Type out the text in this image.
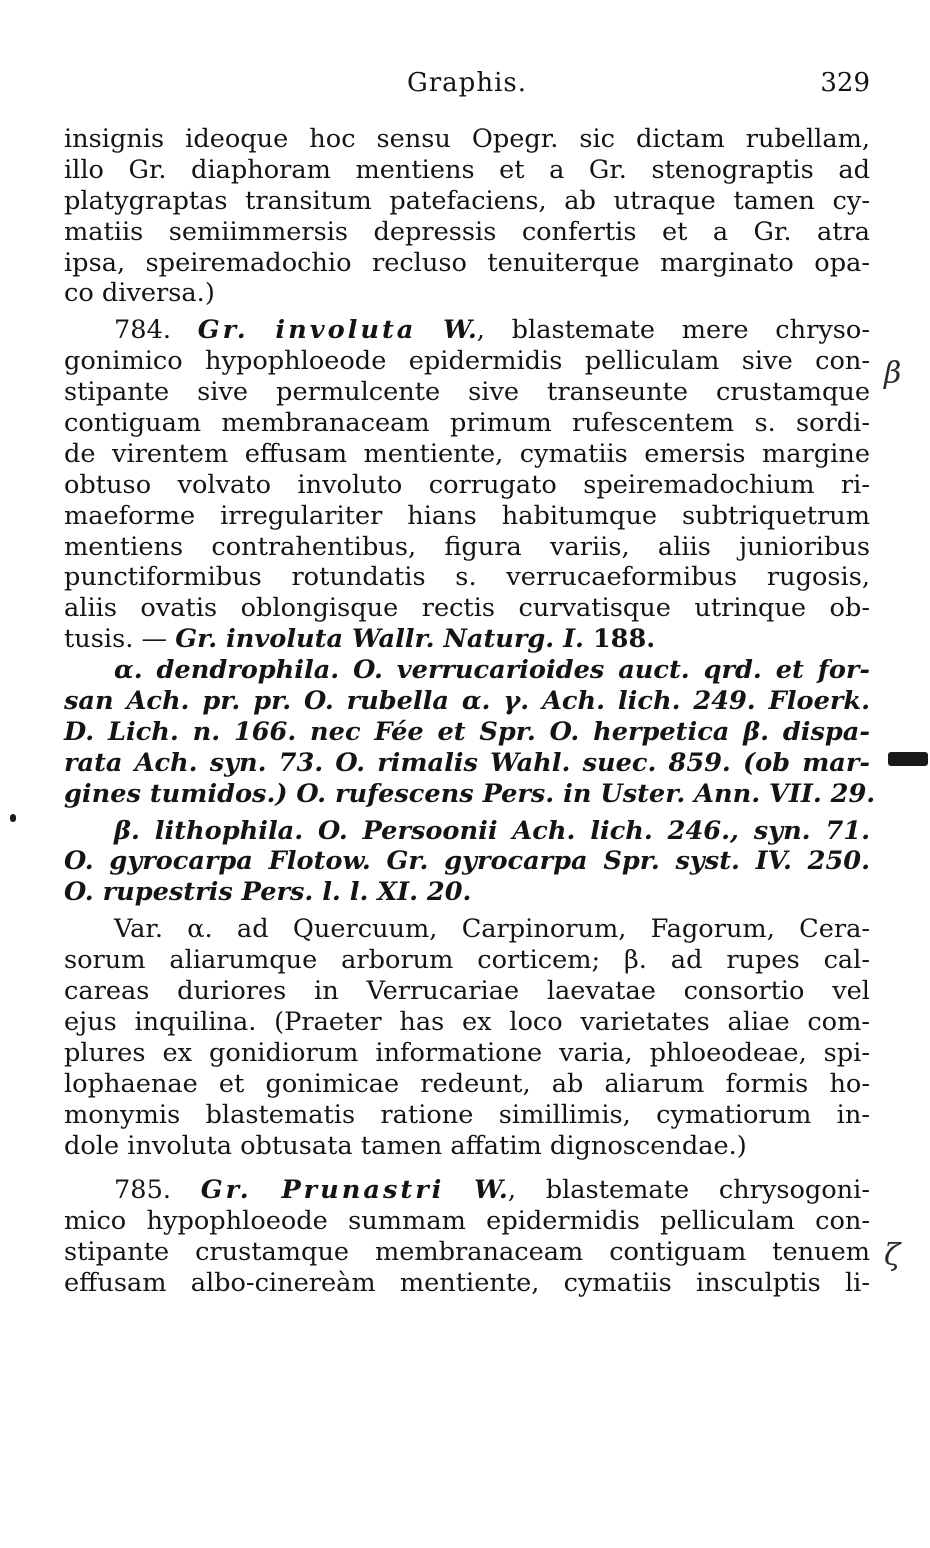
Graphis.	329
β
ζ
insignis ideoque hoc sensu Opegr. sic dictam rubellam,
illo Gr. diaphoram mentiens et a Gr. stenograptis ad
platygraptas transitum patefaciens, ab utraque tamen cy-
matiis semiimmersis depressis confertis et a Gr. atra
ipsa, speiremadochio recluso tenuiterque marginato opa-
co diversa.)
784. Gr. involuta W., blastemate mere chryso-
gonimico hypophloeode epidermidis pelliculam sive con-
stipante sive permulcente sive transeunte crustamque
contiguam membranaceam primum rufescentem s. sordi-
de virentem effusam mentiente, cymatiis emersis margine
obtuso volvato involuto corrugato speiremadochium ri-
maeforme irregulariter hians habitumque subtriquetrum
mentiens contrahentibus, figura variis, aliis junioribus
punctiformibus rotundatis s. verrucaeformibus rugosis,
aliis ovatis oblongisque rectis curvatisque utrinque ob-
tusis. — Gr. involuta Wallr. Naturg. I. 188.
α. dendrophila. O. verrucarioides auct. qrd. et for-
san Ach. pr. pr. O. rubella α. γ. Ach. lich. 249. Floerk.
D. Lich. n. 166. nec Fée et Spr. O. herpetica β. dispa-
rata Ach. syn. 73. O. rimalis Wahl. suec. 859. (ob mar-
gines tumidos.) O. rufescens Pers. in Uster. Ann. VII. 29.
β. lithophila. O. Persoonii Ach. lich. 246., syn. 71.
O. gyrocarpa Flotow. Gr. gyrocarpa Spr. syst. IV. 250.
O. rupestris Pers. l. l. XI. 20.
Var. α. ad Quercuum, Carpinorum, Fagorum, Cera-
sorum aliarumque arborum corticem; β. ad rupes cal-
careas duriores in Verrucariae laevatae consortio vel
ejus inquilina. (Praeter has ex loco varietates aliae com-
plures ex gonidiorum informatione varia, phloeodeae, spi-
lophaenae et gonimicae redeunt, ab aliarum formis ho-
monymis blastematis ratione simillimis, cymatiorum in-
dole involuta obtusata tamen affatim dignoscendae.)
785. Gr. Prunastri W., blastemate chrysogoni-
mico hypophloeode summam epidermidis pelliculam con-
stipante crustamque membranaceam contiguam tenuem
effusam albo-cinereàm mentiente, cymatiis insculptis li-
